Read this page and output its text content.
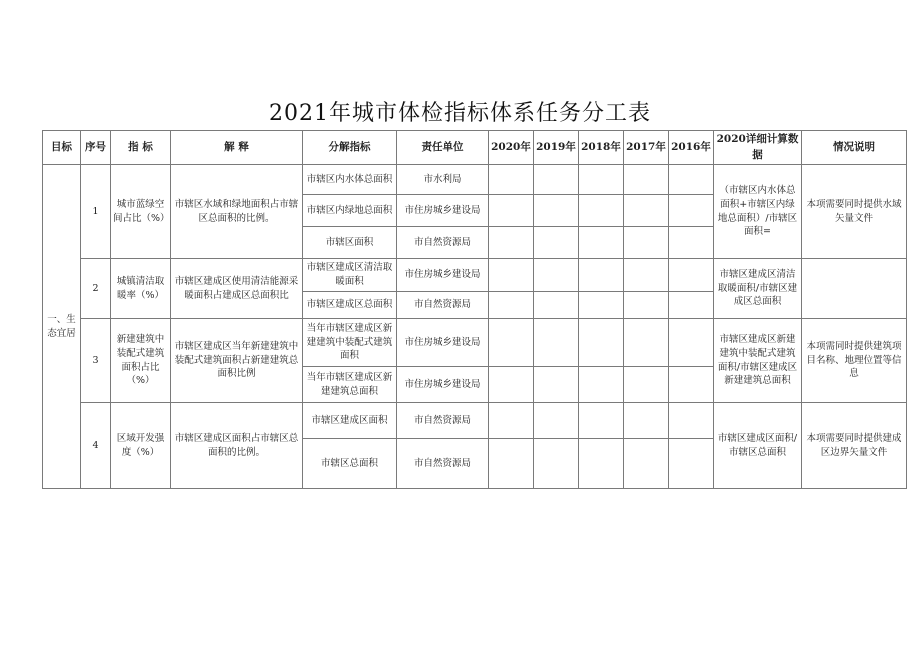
2021年城市体检指标体系任务分工表
目标	序号	指 标	解 释	分解指标	责任单位	2020年	2019年	2018年	2017年	2016年	2020详细计算数据	情况说明
一、生态宜居	1	城市蓝绿空间占比（%）	市辖区水域和绿地面积占市辖区总面积的比例。	市辖区内水体总面积	市水利局						（市辖区内水体总面积+市辖区内绿地总面积）/市辖区面积=	本项需要同时提供水域矢量文件
				市辖区内绿地总面积	市住房城乡建设局							
				市辖区面积	市自然资源局							
	2	城镇清洁取暖率（%）	市辖区建成区使用清洁能源采暖面积占建成区总面积比	市辖区建成区清洁取暖面积	市住房城乡建设局						市辖区建成区清洁取暖面积/市辖区建成区总面积	
				市辖区建成区总面积	市自然资源局							
	3	新建建筑中装配式建筑面积占比（%）	市辖区建成区当年新建建筑中装配式建筑面积占新建建筑总面积比例	当年市辖区建成区新建建筑中装配式建筑面积	市住房城乡建设局						市辖区建成区新建建筑中装配式建筑面积/市辖区建成区新建建筑总面积	本项需同时提供建筑项目名称、地理位置等信息
				当年市辖区建成区新建建筑总面积	市住房城乡建设局							
	4	区域开发强度（%）	市辖区建成区面积占市辖区总面积的比例。	市辖区建成区面积	市自然资源局						市辖区建成区面积/市辖区总面积	本项需要同时提供建成区边界矢量文件
				市辖区总面积	市自然资源局							
